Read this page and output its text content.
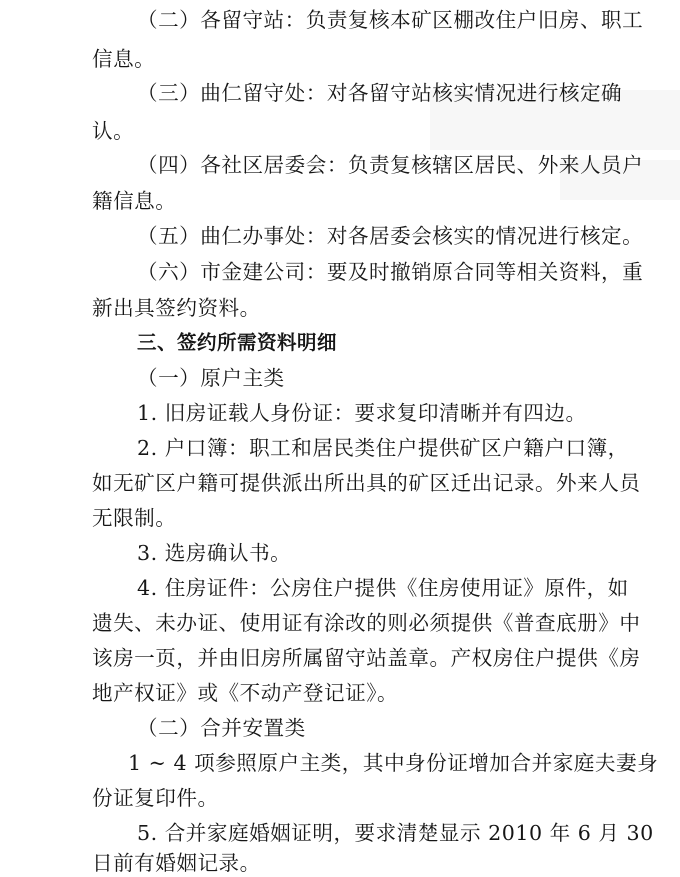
（二）各留守站：负责复核本矿区棚改住户旧房、职工
信息。
（三）曲仁留守处：对各留守站核实情况进行核定确
认。
（四）各社区居委会：负责复核辖区居民、外来人员户
籍信息。
（五）曲仁办事处：对各居委会核实的情况进行核定。
（六）市金建公司：要及时撤销原合同等相关资料，重
新出具签约资料。
三、签约所需资料明细
（一）原户主类
1. 旧房证载人身份证：要求复印清晰并有四边。
2. 户口簿：职工和居民类住户提供矿区户籍户口簿，
如无矿区户籍可提供派出所出具的矿区迁出记录。外来人员
无限制。
3. 选房确认书。
4. 住房证件：公房住户提供《住房使用证》原件，如
遗失、未办证、使用证有涂改的则必须提供《普查底册》中
该房一页，并由旧房所属留守站盖章。产权房住户提供《房
地产权证》或《不动产登记证》。
（二）合并安置类
1 ~ 4 项参照原户主类，其中身份证增加合并家庭夫妻身
份证复印件。
5. 合并家庭婚姻证明，要求清楚显示 2010 年 6 月 30
日前有婚姻记录。
